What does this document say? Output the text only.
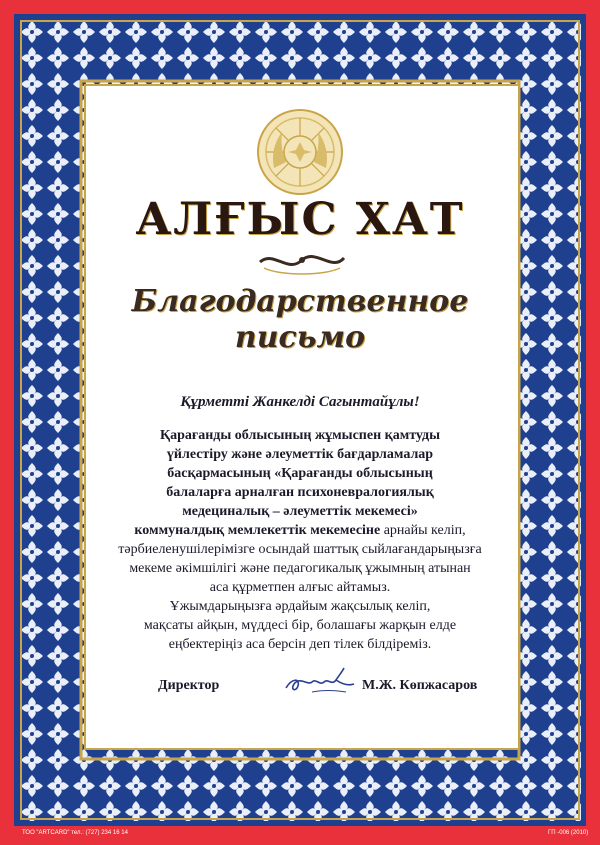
АЛҒЫС ХАТ
Благодарственное
письмо
Құрметті Жанкелді Сагынтайұлы!
Қарағанды облысының жұмыспен қамтуды
үйлестіру және әлеуметтік бағдарламалар
басқармасының «Қарағанды облысының
балаларға арналған психоневралогиялық
медециналық – әлеуметтік мекемесі»
коммуналдық мемлекеттік мекемесіне арнайы келіп,
тәрбиеленушілерімізге осындай шаттық сыйлағандарыңызға
мекеме әкімшілігі және педагогикалық ұжымның атынан
аса құрметпен алғыс айтамыз.
Ұжымдарыңызға әрдайым жақсылық келіп,
мақсаты айқын, мүддесі бір, болашағы жарқын елде
еңбектеріңіз аса берсін деп тілек білдіреміз.
Директор	М.Ж. Көпжасаров
ТОО "ARTCARD" тел.: (727) 234 16 14	ГП -006 (2010)
